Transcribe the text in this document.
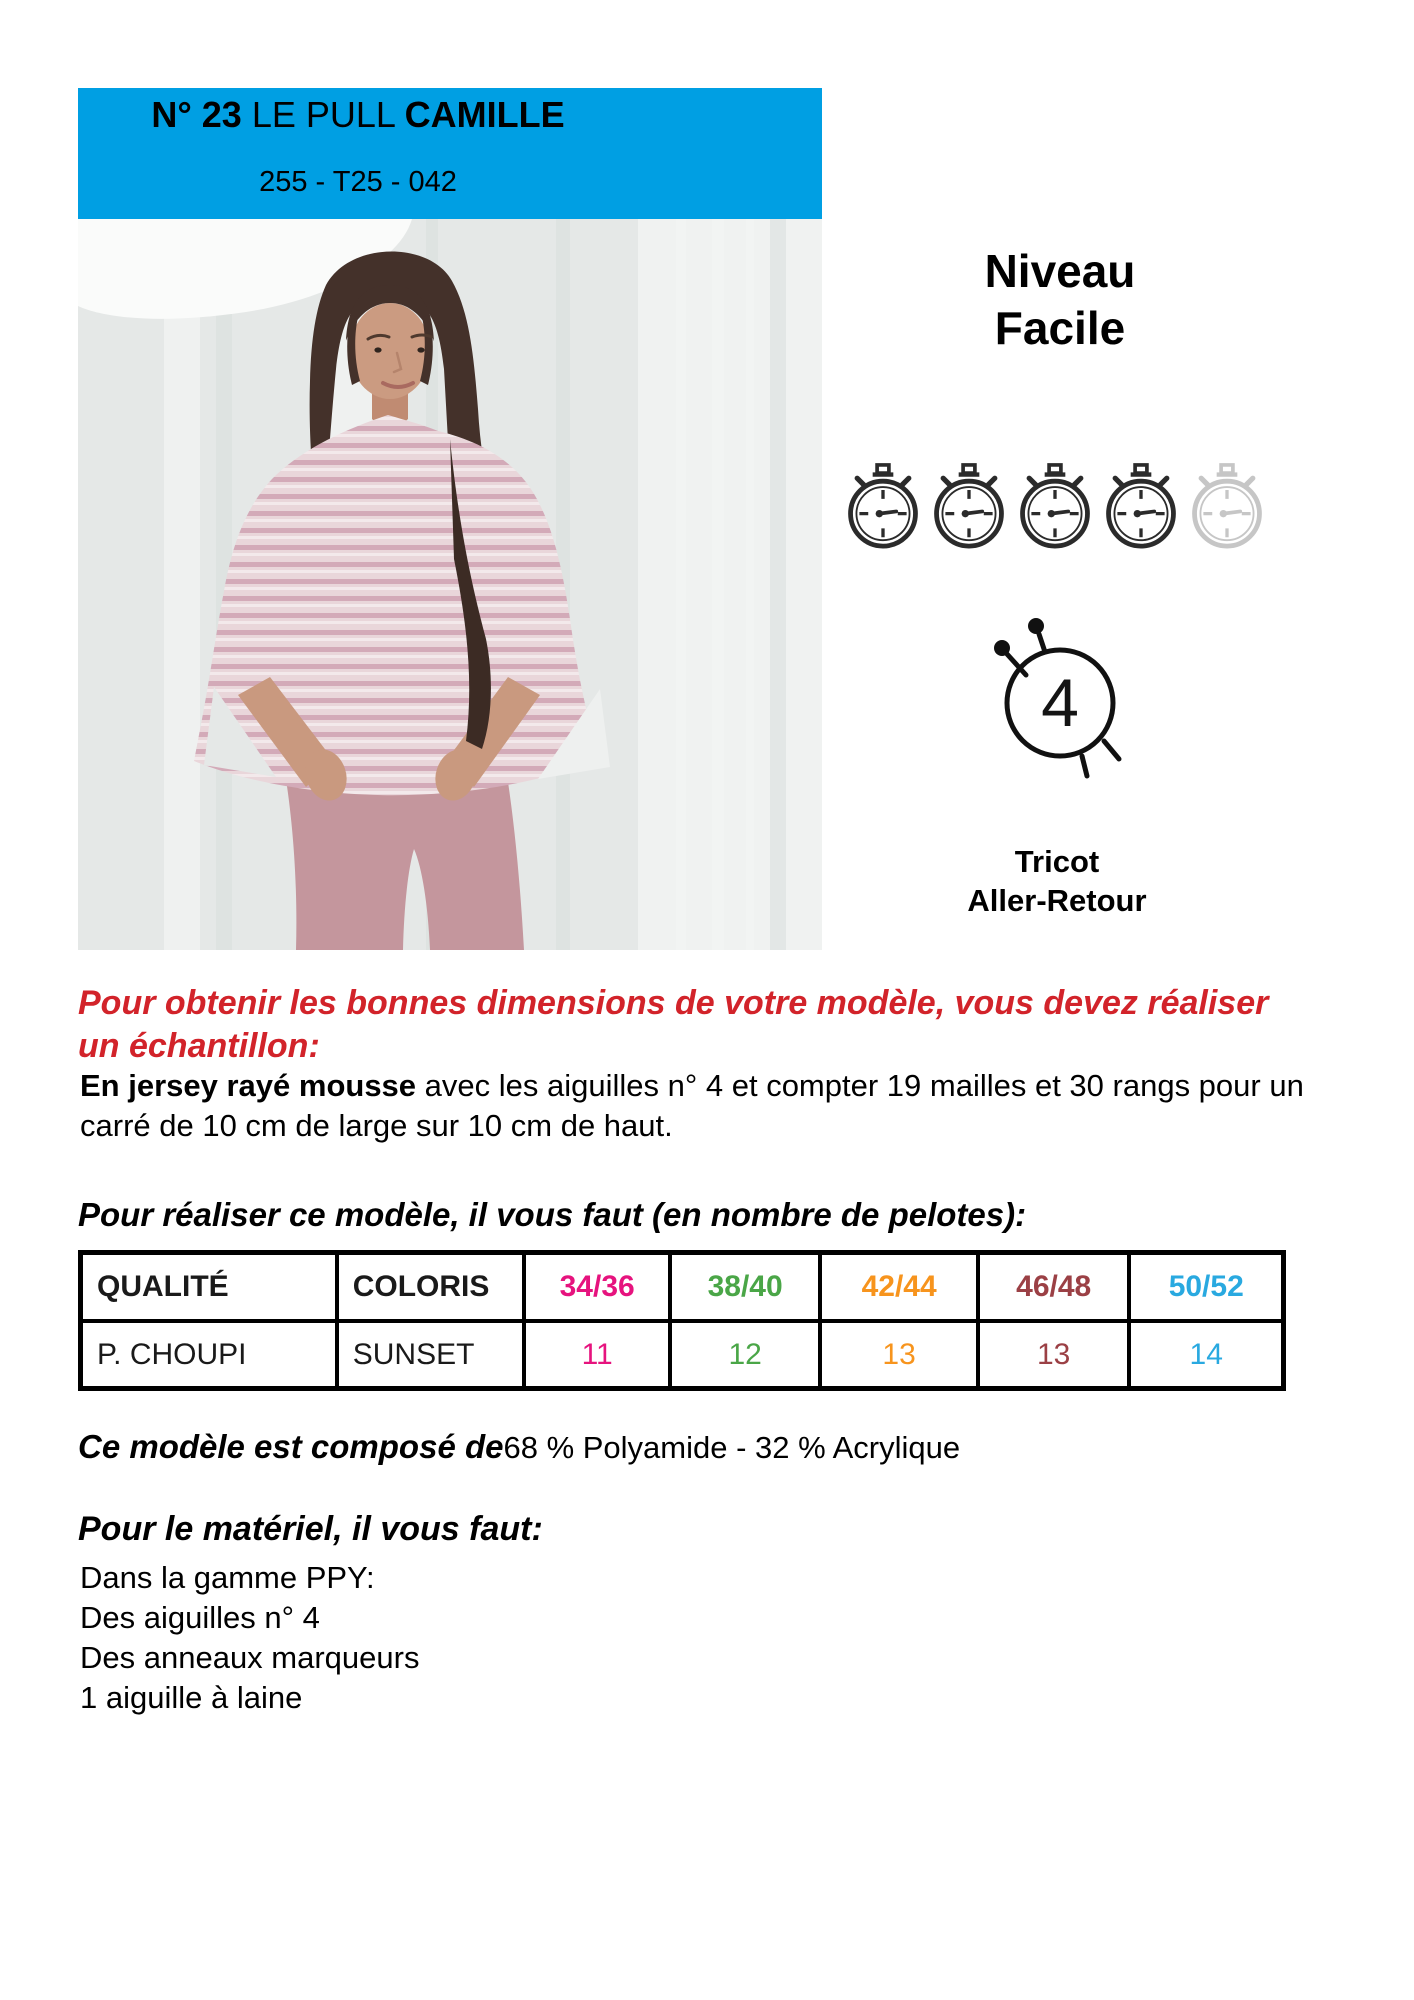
N° 23 LE PULL CAMILLE
255 - T25 - 042
Niveau
Facile
4
Tricot
Aller-Retour
Pour obtenir les bonnes dimensions de votre modèle, vous devez réaliser un échantillon:
En jersey rayé mousse avec les aiguilles n° 4 et compter 19 mailles et 30 rangs pour un carré de 10 cm de large sur 10 cm de haut.
Pour réaliser ce modèle, il vous faut (en nombre de pelotes):
QUALITÉ	COLORIS	34/36	38/40	42/44	46/48	50/52
P. CHOUPI	SUNSET	11	12	13	13	14
Ce modèle est composé de68 % Polyamide - 32 % Acrylique
Pour le matériel, il vous faut:
Dans la gamme PPY:
Des aiguilles n° 4
Des anneaux marqueurs
1 aiguille à laine
